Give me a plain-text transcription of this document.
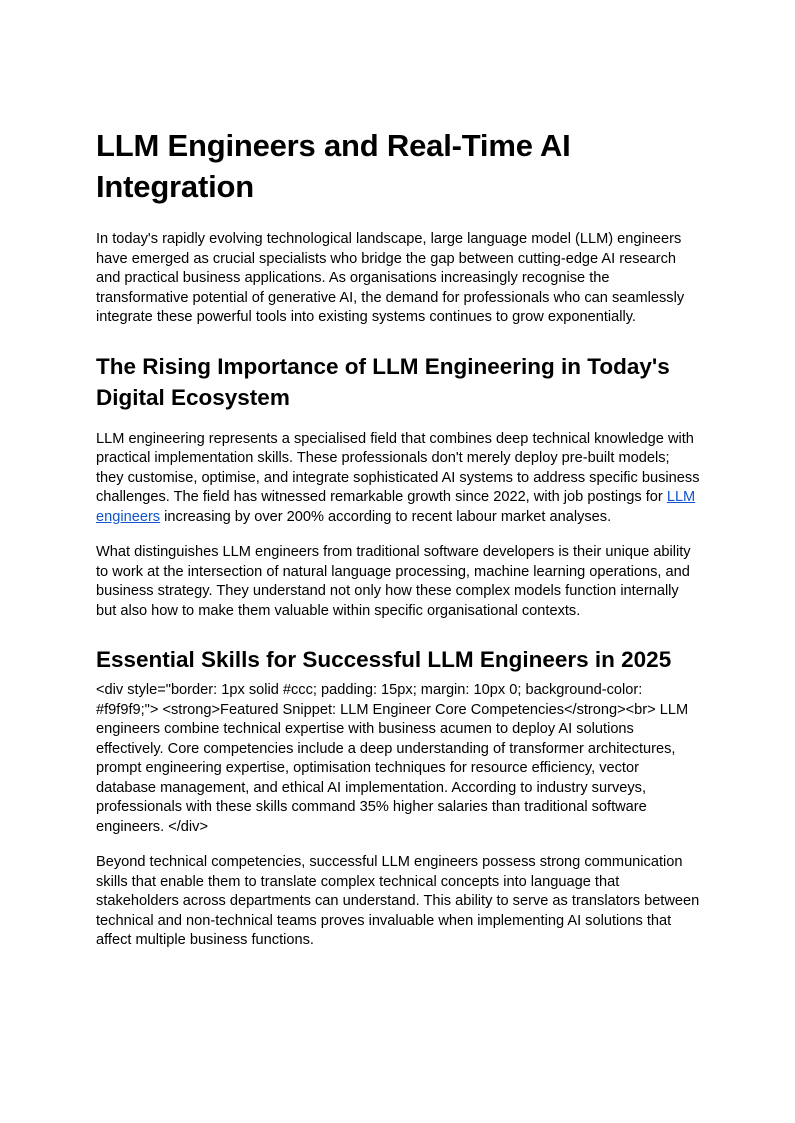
LLM Engineers and Real-Time AI Integration

In today's rapidly evolving technological landscape, large language model (LLM) engineers have emerged as crucial specialists who bridge the gap between cutting-edge AI research and practical business applications. As organisations increasingly recognise the transformative potential of generative AI, the demand for professionals who can seamlessly integrate these powerful tools into existing systems continues to grow exponentially.

The Rising Importance of LLM Engineering in Today's Digital Ecosystem

LLM engineering represents a specialised field that combines deep technical knowledge with practical implementation skills. These professionals don't merely deploy pre-built models; they customise, optimise, and integrate sophisticated AI systems to address specific business challenges. The field has witnessed remarkable growth since 2022, with job postings for LLM engineers increasing by over 200% according to recent labour market analyses.

What distinguishes LLM engineers from traditional software developers is their unique ability to work at the intersection of natural language processing, machine learning operations, and business strategy. They understand not only how these complex models function internally but also how to make them valuable within specific organisational contexts.

Essential Skills for Successful LLM Engineers in 2025

<div style="border: 1px solid #ccc; padding: 15px; margin: 10px 0; background-color: #f9f9f9;"> <strong>Featured Snippet: LLM Engineer Core Competencies</strong><br> LLM engineers combine technical expertise with business acumen to deploy AI solutions effectively. Core competencies include a deep understanding of transformer architectures, prompt engineering expertise, optimisation techniques for resource efficiency, vector database management, and ethical AI implementation. According to industry surveys, professionals with these skills command 35% higher salaries than traditional software engineers. </div>

Beyond technical competencies, successful LLM engineers possess strong communication skills that enable them to translate complex technical concepts into language that stakeholders across departments can understand. This ability to serve as translators between technical and non-technical teams proves invaluable when implementing AI solutions that affect multiple business functions.
